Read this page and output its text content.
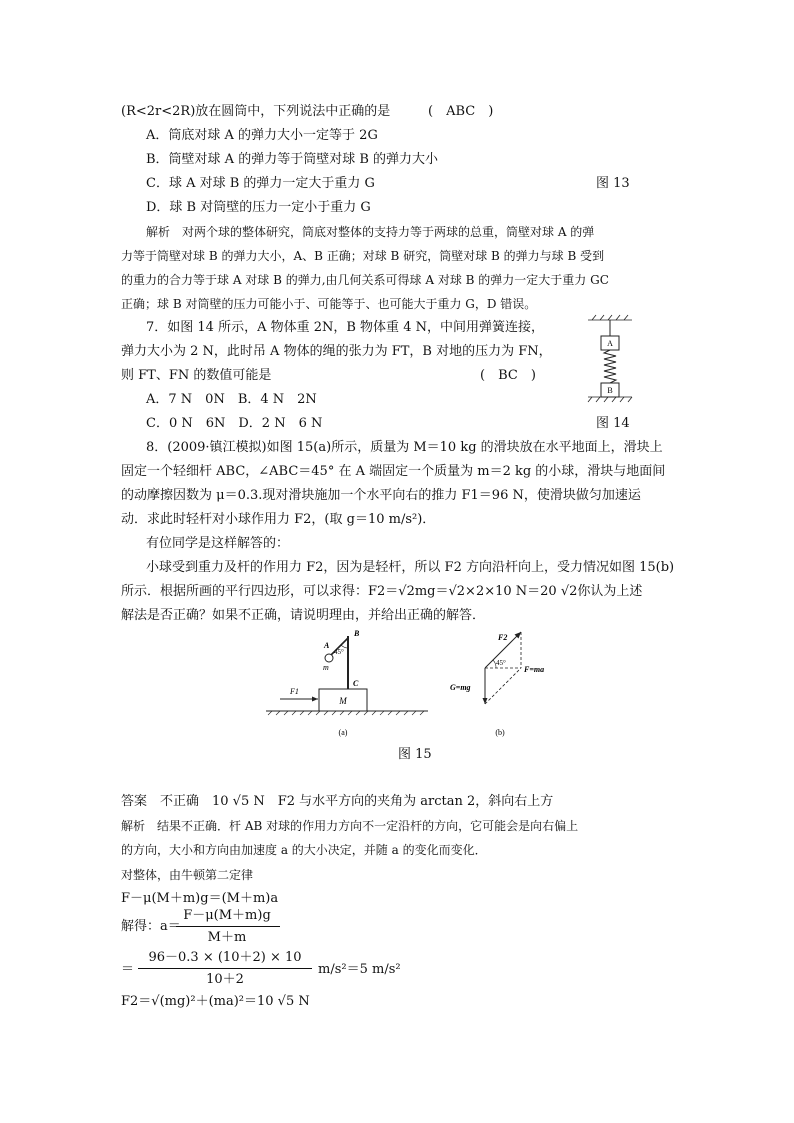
(R<2r<2R)放在圆筒中，下列说法中正确的是	(　ABC　)
A．筒底对球 A 的弹力大小一定等于 2G
B．筒壁对球 A 的弹力等于筒壁对球 B 的弹力大小
C．球 A 对球 B 的弹力一定大于重力 G	图 13
D．球 B 对筒壁的压力一定小于重力 G
解析　对两个球的整体研究，筒底对整体的支持力等于两球的总重，筒壁对球 A 的弹
力等于筒壁对球 B 的弹力大小，A、B 正确；对球 B 研究，筒壁对球 B 的弹力与球 B 受到
的重力的合力等于球 A 对球 B 的弹力,由几何关系可得球 A 对球 B 的弹力一定大于重力 GC
正确；球 B 对筒壁的压力可能小于、可能等于、也可能大于重力 G，D 错误。
7．如图 14 所示，A 物体重 2N，B 物体重 4 N，中间用弹簧连接，
弹力大小为 2 N，此时吊 A 物体的绳的张力为 FT，B 对地的压力为 FN，
则 FT、FN 的数值可能是	(　BC　)
A．7 N　0N　B．4 N　2N
C．0 N　6N　D．2 N　6 N	图 14
A
B
8．(2009·镇江模拟)如图 15(a)所示，质量为 M＝10 kg 的滑块放在水平地面上，滑块上
固定一个轻细杆 ABC，∠ABC＝45° 在 A 端固定一个质量为 m＝2 kg 的小球，滑块与地面间
的动摩擦因数为 μ＝0.3.现对滑块施加一个水平向右的推力 F1＝96 N，使滑块做匀加速运
动．求此时轻杆对小球作用力 F2，(取 g＝10 m/s²)．
有位同学是这样解答的：
小球受到重力及杆的作用力 F2，因为是轻杆，所以 F2 方向沿杆向上，受力情况如图 15(b)
所示．根据所画的平行四边形，可以求得：F2＝√2mg＝√2×2×10 N＝20 √2你认为上述
解法是否正确？如果不正确，请说明理由，并给出正确的解答．
M
B
A
m
45°
C
F1
(a)
F2
45°
F=ma
G=mg
(b)
图 15
答案　不正确　10 √5 N　F2 与水平方向的夹角为 arctan 2，斜向右上方
解析　结果不正确．杆 AB 对球的作用力方向不一定沿杆的方向，它可能会是向右偏上
的方向，大小和方向由加速度 a 的大小决定，并随 a 的变化而变化．
对整体，由牛顿第二定律
F－μ(M＋m)g＝(M＋m)a
解得：a＝
F－μ(M＋m)g
M＋m
＝
96－0.3 × (10＋2) × 10
10＋2
m/s²＝5 m/s²
F2＝√(mg)²＋(ma)²＝10 √5 N
